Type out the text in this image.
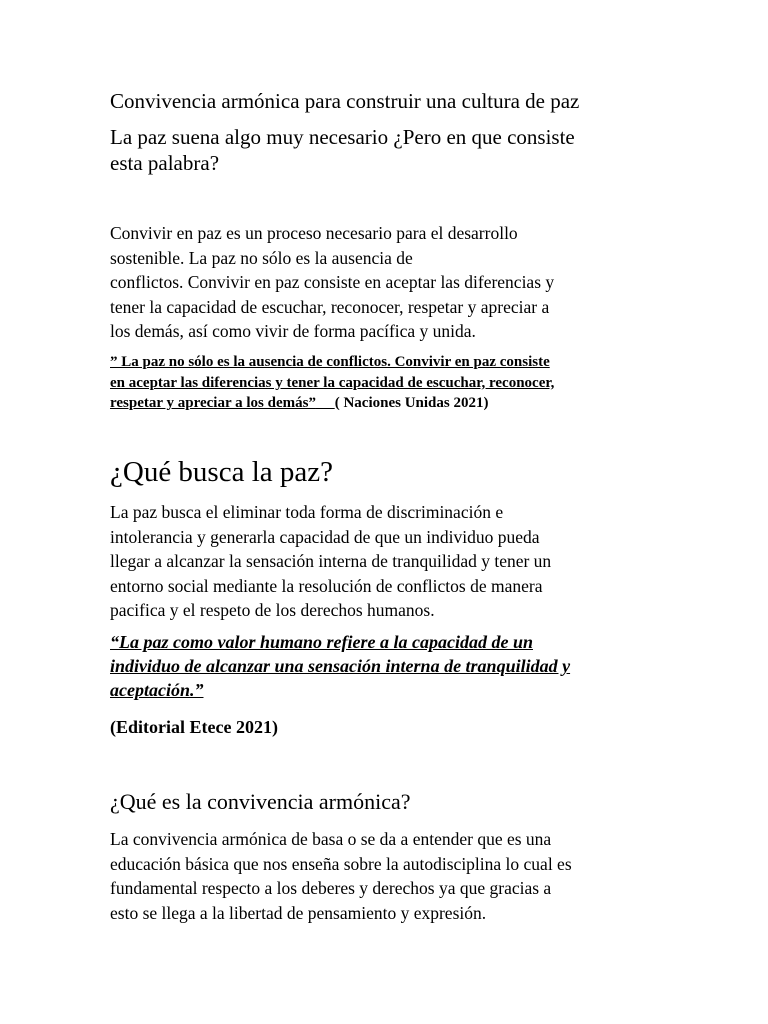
Convivencia armónica para construir una cultura de paz

La paz suena algo muy necesario ¿Pero en que consiste
esta palabra?

Convivir en paz es un proceso necesario para el desarrollo
sostenible. La paz no sólo es la ausencia de
conflictos. Convivir en paz consiste en aceptar las diferencias y
tener la capacidad de escuchar, reconocer, respetar y apreciar a
los demás, así como vivir de forma pacífica y unida.

” La paz no sólo es la ausencia de conflictos. Convivir en paz consiste
en aceptar las diferencias y tener la capacidad de escuchar, reconocer,
respetar y apreciar a los demás” ( Naciones Unidas 2021)

¿Qué busca la paz?

La paz busca el eliminar toda forma de discriminación e
intolerancia y generarla capacidad de que un individuo pueda
llegar a alcanzar la sensación interna de tranquilidad y tener un
entorno social mediante la resolución de conflictos de manera
pacifica y el respeto de los derechos humanos.

“La paz como valor humano refiere a la capacidad de un
individuo de alcanzar una sensación interna de tranquilidad y
aceptación.”

(Editorial Etece 2021)

¿Qué es la convivencia armónica?

La convivencia armónica de basa o se da a entender que es una
educación básica que nos enseña sobre la autodisciplina lo cual es
fundamental respecto a los deberes y derechos ya que gracias a
esto se llega a la libertad de pensamiento y expresión.
